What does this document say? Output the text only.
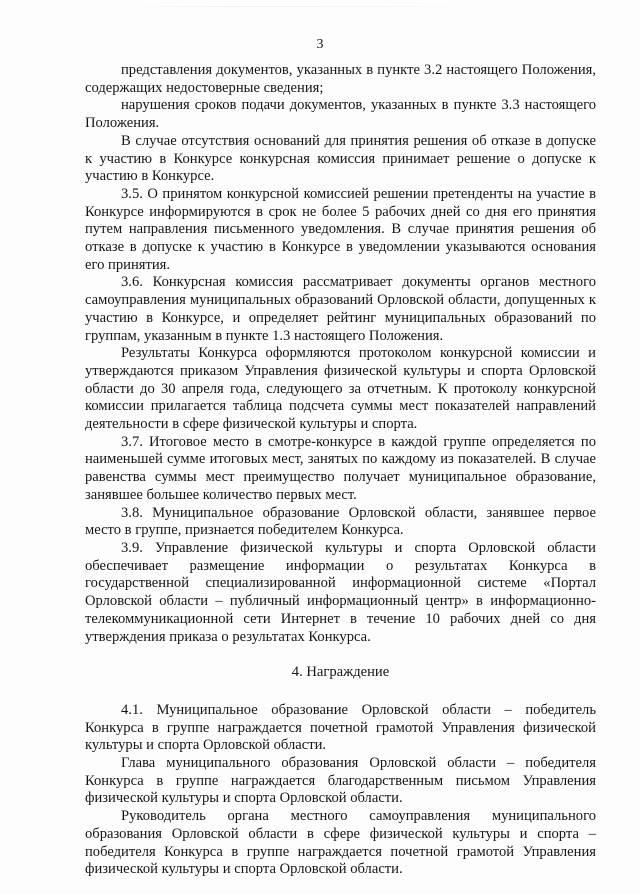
3

представления документов, указанных в пункте 3.2 настоящего Положения, содержащих недостоверные сведения;

нарушения сроков подачи документов, указанных в пункте 3.3 настоящего Положения.

В случае отсутствия оснований для принятия решения об отказе в допуске к участию в Конкурсе конкурсная комиссия принимает решение о допуске к участию в Конкурсе.

3.5. О принятом конкурсной комиссией решении претенденты на участие в Конкурсе информируются в срок не более 5 рабочих дней со дня его принятия путем направления письменного уведомления. В случае принятия решения об отказе в допуске к участию в Конкурсе в уведомлении указываются основания его принятия.

3.6. Конкурсная комиссия рассматривает документы органов местного самоуправления муниципальных образований Орловской области, допущенных к участию в Конкурсе, и определяет рейтинг муниципальных образований по группам, указанным в пункте 1.3 настоящего Положения.

Результаты Конкурса оформляются протоколом конкурсной комиссии и утверждаются приказом Управления физической культуры и спорта Орловской области до 30 апреля года, следующего за отчетным. К протоколу конкурсной комиссии прилагается таблица подсчета суммы мест показателей направлений деятельности в сфере физической культуры и спорта.

3.7. Итоговое место в смотре-конкурсе в каждой группе определяется по наименьшей сумме итоговых мест, занятых по каждому из показателей. В случае равенства суммы мест преимущество получает муниципальное образование, занявшее большее количество первых мест.

3.8. Муниципальное образование Орловской области, занявшее первое место в группе, признается победителем Конкурса.

3.9. Управление физической культуры и спорта Орловской области обеспечивает размещение информации о результатах Конкурса в государственной специализированной информационной системе «Портал Орловской области – публичный информационный центр» в информационно-телекоммуникационной сети Интернет в течение 10 рабочих дней со дня утверждения приказа о результатах Конкурса.

4. Награждение

4.1. Муниципальное образование Орловской области – победитель Конкурса в группе награждается почетной грамотой Управления физической культуры и спорта Орловской области.

Глава муниципального образования Орловской области – победителя Конкурса в группе награждается благодарственным письмом Управления физической культуры и спорта Орловской области.

Руководитель органа местного самоуправления муниципального образования Орловской области в сфере физической культуры и спорта – победителя Конкурса в группе награждается почетной грамотой Управления физической культуры и спорта Орловской области.
